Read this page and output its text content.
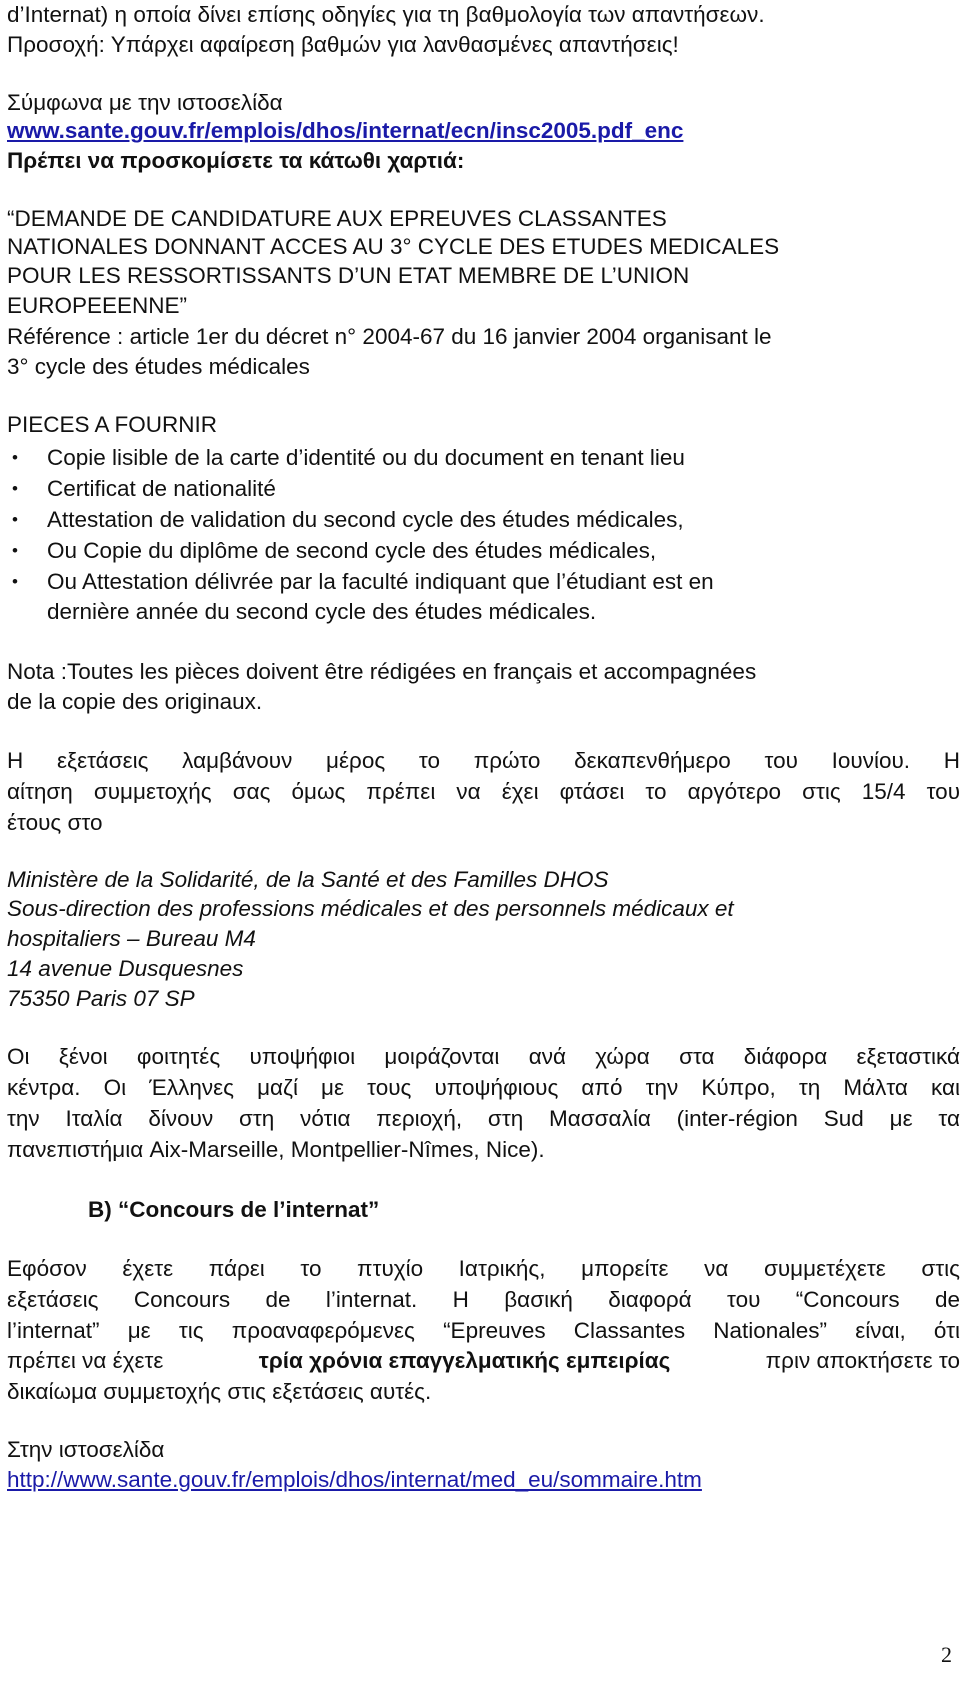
d’Internat) η οποία δίνει επίσης οδηγίες για τη βαθμολογία των απαντήσεων.
Προσοχή: Υπάρχει αφαίρεση βαθμών για λανθασμένες απαντήσεις!
Σύμφωνα με την ιστοσελίδα
www.sante.gouv.fr/emplois/dhos/internat/ecn/insc2005.pdf_enc
Πρέπει να προσκομίσετε τα κάτωθι χαρτιά:
“DEMANDE DE CANDIDATURE AUX EPREUVES CLASSANTES
NATIONALES DONNANT ACCES AU 3° CYCLE DES ETUDES MEDICALES
POUR LES RESSORTISSANTS D’UN ETAT MEMBRE DE L’UNION
EUROPEEENNE”
Référence : article 1er du décret n° 2004-67 du 16 janvier 2004 organisant le
3° cycle des études médicales
PIECES A FOURNIR
• Copie lisible de la carte d’identité ou du document en tenant lieu
• Certificat de nationalité
• Attestation de validation du second cycle des études médicales,
• Ou Copie du diplôme de second cycle des études médicales,
• Ou Attestation délivrée par la faculté indiquant que l’étudiant est en
dernière année du second cycle des études médicales.
Nota :Toutes les pièces doivent être rédigées en français et accompagnées
de la copie des originaux.
Η εξετάσεις λαμβάνουν μέρος το πρώτο δεκαπενθήμερο του Ιουνίου. Η
αίτηση συμμετοχής σας όμως πρέπει να έχει φτάσει το αργότερο στις 15/4 του
έτους στο
Ministère de la Solidarité, de la Santé et des Familles DHOS
Sous-direction des professions médicales et des personnels médicaux et
hospitaliers – Bureau M4
14 avenue Dusquesnes
75350 Paris 07 SP
Οι ξένοι φοιτητές υποψήφιοι μοιράζονται ανά χώρα στα διάφορα εξεταστικά
κέντρα. Οι Έλληνες μαζί με τους υποψήφιους από την Κύπρο, τη Μάλτα και
την Ιταλία δίνουν στη νότια περιοχή, στη Μασσαλία (inter-région Sud με τα
πανεπιστήμια Aix-Marseille, Montpellier-Nîmes, Nice).
B) “Concours de l’internat”
Εφόσον έχετε πάρει το πτυχίο Ιατρικής, μπορείτε να συμμετέχετε στις
εξετάσεις Concours de l’internat. Η βασική διαφορά του “Concours de
l’internat” με τις προαναφερόμενες “Epreuves Classantes Nationales” είναι, ότι
πρέπει να έχετε	τρία χρόνια επαγγελματικής εμπειρίας	πριν αποκτήσετε το
δικαίωμα συμμετοχής στις εξετάσεις αυτές.
Στην ιστοσελίδα
http://www.sante.gouv.fr/emplois/dhos/internat/med_eu/sommaire.htm
2
